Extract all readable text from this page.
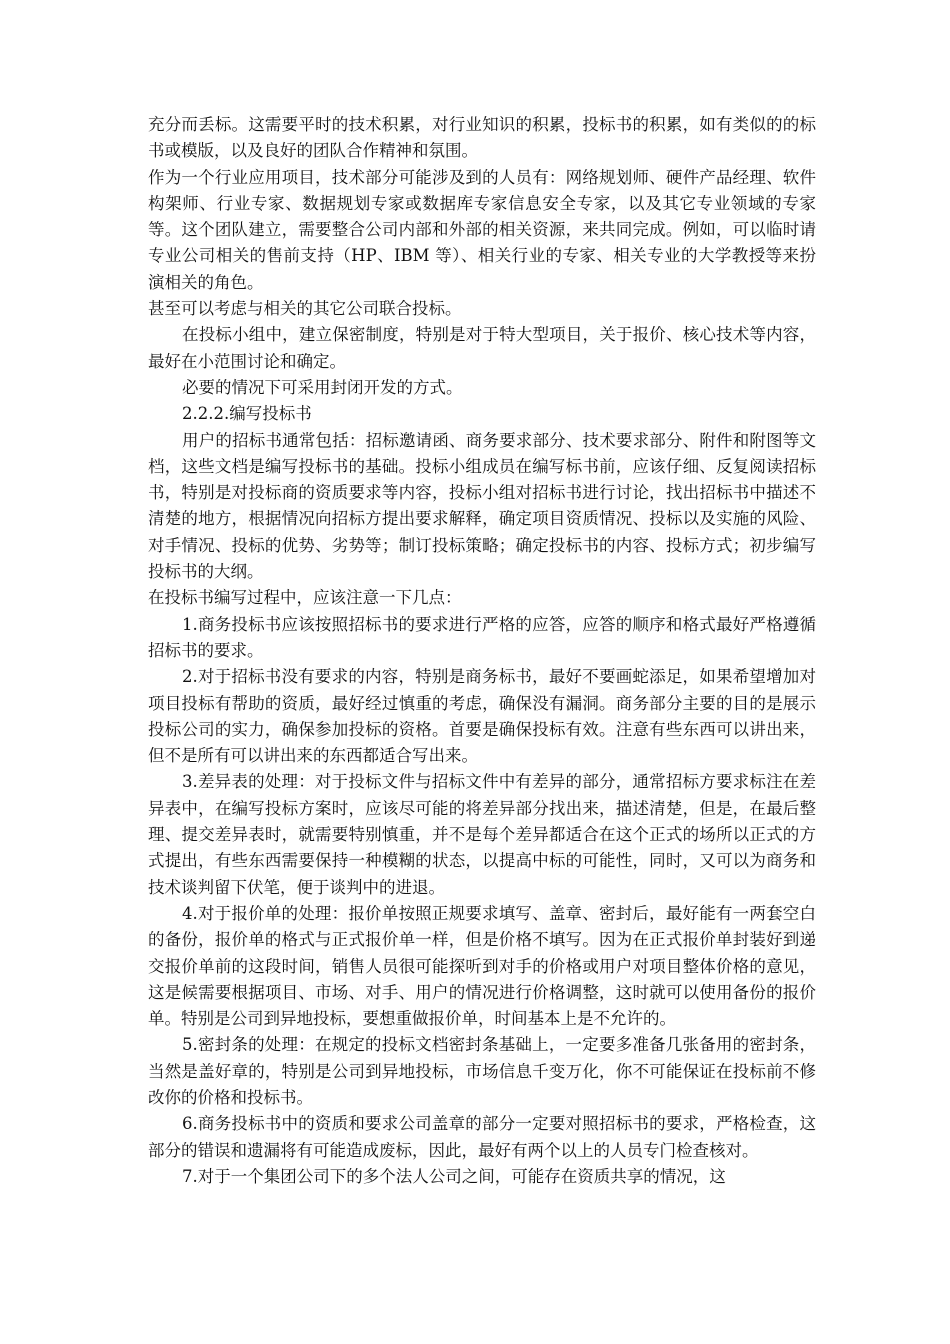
充分而丢标。这需要平时的技术积累，对行业知识的积累，投标书的积累，如有类似的的标书或模版，以及良好的团队合作精神和氛围。

作为一个行业应用项目，技术部分可能涉及到的人员有：网络规划师、硬件产品经理、软件构架师、行业专家、数据规划专家或数据库专家信息安全专家，以及其它专业领域的专家等。这个团队建立，需要整合公司内部和外部的相关资源，来共同完成。例如，可以临时请专业公司相关的售前支持（HP、IBM 等）、相关行业的专家、相关专业的大学教授等来扮演相关的角色。

甚至可以考虑与相关的其它公司联合投标。

在投标小组中，建立保密制度，特别是对于特大型项目，关于报价、核心技术等内容，最好在小范围讨论和确定。

必要的情况下可采用封闭开发的方式。

2.2.2.编写投标书

用户的招标书通常包括：招标邀请函、商务要求部分、技术要求部分、附件和附图等文档，这些文档是编写投标书的基础。投标小组成员在编写标书前，应该仔细、反复阅读招标书，特别是对投标商的资质要求等内容，投标小组对招标书进行讨论，找出招标书中描述不清楚的地方，根据情况向招标方提出要求解释，确定项目资质情况、投标以及实施的风险、对手情况、投标的优势、劣势等；制订投标策略；确定投标书的内容、投标方式；初步编写投标书的大纲。

在投标书编写过程中，应该注意一下几点：

1.商务投标书应该按照招标书的要求进行严格的应答，应答的顺序和格式最好严格遵循招标书的要求。

2.对于招标书没有要求的内容，特别是商务标书，最好不要画蛇添足，如果希望增加对项目投标有帮助的资质，最好经过慎重的考虑，确保没有漏洞。商务部分主要的目的是展示投标公司的实力，确保参加投标的资格。首要是确保投标有效。注意有些东西可以讲出来，但不是所有可以讲出来的东西都适合写出来。

3.差异表的处理：对于投标文件与招标文件中有差异的部分，通常招标方要求标注在差异表中，在编写投标方案时，应该尽可能的将差异部分找出来，描述清楚，但是，在最后整理、提交差异表时，就需要特别慎重，并不是每个差异都适合在这个正式的场所以正式的方式提出，有些东西需要保持一种模糊的状态，以提高中标的可能性，同时，又可以为商务和技术谈判留下伏笔，便于谈判中的进退。

4.对于报价单的处理：报价单按照正规要求填写、盖章、密封后，最好能有一两套空白的备份，报价单的格式与正式报价单一样，但是价格不填写。因为在正式报价单封装好到递交报价单前的这段时间，销售人员很可能探听到对手的价格或用户对项目整体价格的意见，这是候需要根据项目、市场、对手、用户的情况进行价格调整，这时就可以使用备份的报价单。特别是公司到异地投标，要想重做报价单，时间基本上是不允许的。

5.密封条的处理：在规定的投标文档密封条基础上，一定要多准备几张备用的密封条，当然是盖好章的，特别是公司到异地投标，市场信息千变万化，你不可能保证在投标前不修改你的价格和投标书。

6.商务投标书中的资质和要求公司盖章的部分一定要对照招标书的要求，严格检查，这部分的错误和遗漏将有可能造成废标，因此，最好有两个以上的人员专门检查核对。

7.对于一个集团公司下的多个法人公司之间，可能存在资质共享的情况，这
